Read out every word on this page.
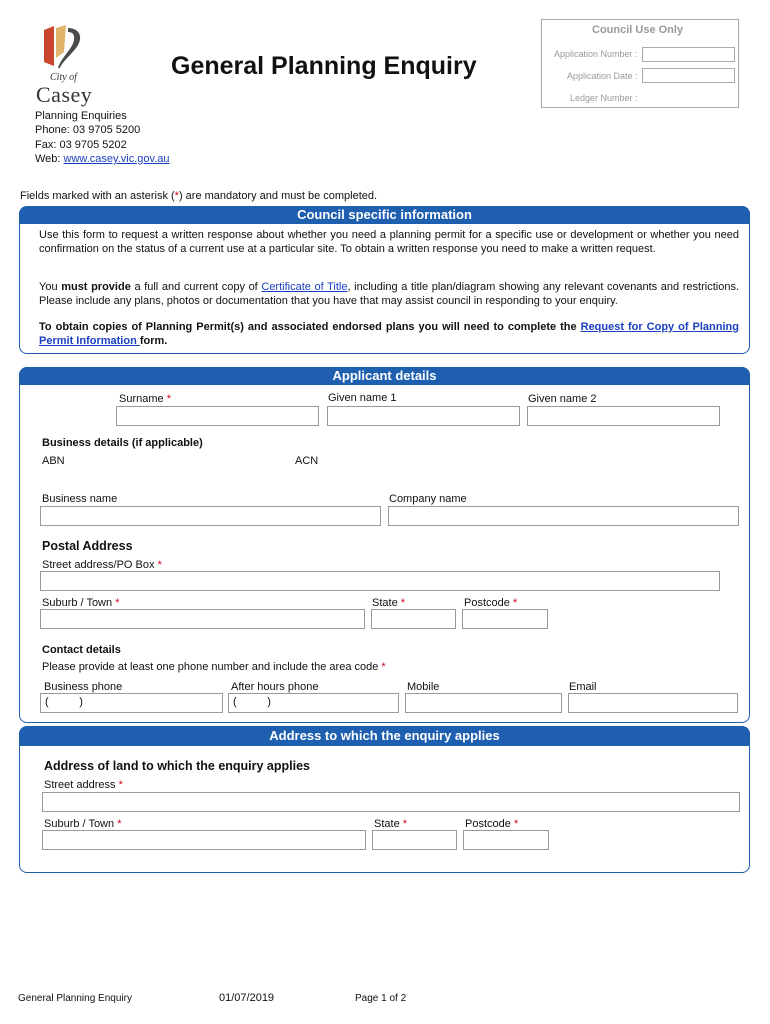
City of
Casey
General Planning Enquiry
Council Use Only
Application Number :
Application Date :
Ledger Number :
Planning Enquiries
Phone: 03 9705 5200
Fax: 03 9705 5202
Web: www.casey.vic.gov.au
Fields marked with an asterisk (*) are mandatory and must be completed.
Council specific information
Use this form to request a written response about whether you need a planning permit for a specific use or development or whether you need confirmation on the status of a current use at a particular site. To obtain a written response you need to make a written request.
You must provide a full and current copy of Certificate of Title, including a title plan/diagram showing any relevant covenants and restrictions. Please include any plans, photos or documentation that you have that may assist council in responding to your enquiry.
To obtain copies of Planning Permit(s) and associated endorsed plans you will need to complete the Request for Copy of Planning Permit Information form.
Applicant details
Surname *	Given name 1	Given name 2
Business details (if applicable)
ABN	ACN
Business name	Company name
Postal Address
Street address/PO Box *
Suburb / Town *	State *	Postcode *
Contact details
Please provide at least one phone number and include the area code *
Business phone	After hours phone	Mobile	Email
(          )	(          )
Address to which the enquiry applies
Address of land to which the enquiry applies
Street address *
Suburb / Town *	State *	Postcode *
General Planning Enquiry	01/07/2019	Page 1 of 2
